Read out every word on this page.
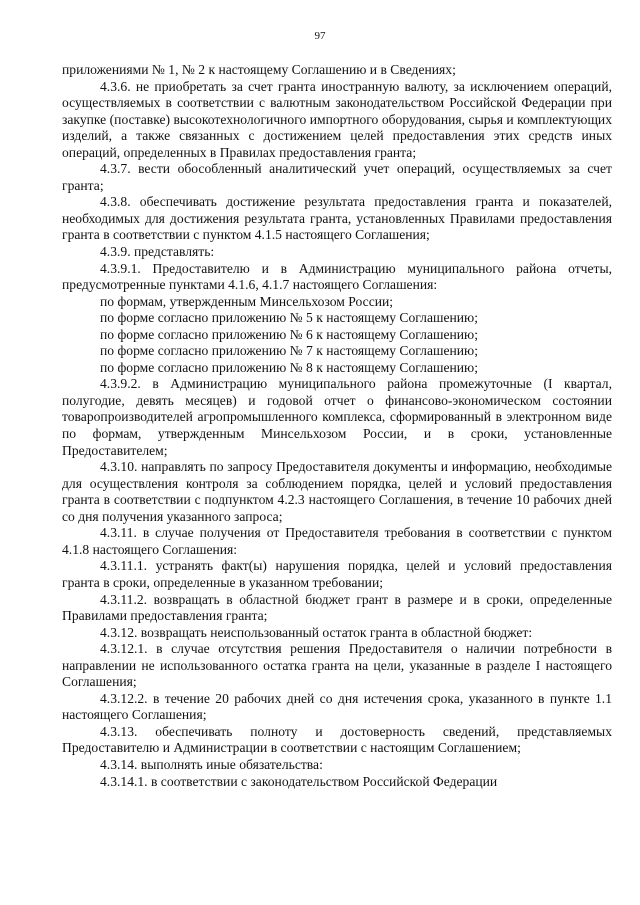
97

приложениями № 1, № 2 к настоящему Соглашению и в Сведениях;

4.3.6. не приобретать за счет гранта иностранную валюту, за исключением операций, осуществляемых в соответствии с валютным законодательством Российской Федерации при закупке (поставке) высокотехнологичного импортного оборудования, сырья и комплектующих изделий, а также связанных с достижением целей предоставления этих средств иных операций, определенных в Правилах предоставления гранта;

4.3.7. вести обособленный аналитический учет операций, осуществляемых за счет гранта;

4.3.8. обеспечивать достижение результата предоставления гранта и показателей, необходимых для достижения результата гранта, установленных Правилами предоставления гранта в соответствии с пунктом 4.1.5 настоящего Соглашения;

4.3.9. представлять:

4.3.9.1. Предоставителю и в Администрацию муниципального района отчеты, предусмотренные пунктами 4.1.6, 4.1.7 настоящего Соглашения:

по формам, утвержденным Минсельхозом России;

по форме согласно приложению № 5 к настоящему Соглашению;

по форме согласно приложению № 6 к настоящему Соглашению;

по форме согласно приложению № 7 к настоящему Соглашению;

по форме согласно приложению № 8 к настоящему Соглашению;

4.3.9.2. в Администрацию муниципального района промежуточные (I квартал, полугодие, девять месяцев) и годовой отчет о финансово-экономическом состоянии товаропроизводителей агропромышленного комплекса, сформированный в электронном виде по формам, утвержденным Минсельхозом России, и в сроки, установленные Предоставителем;

4.3.10. направлять по запросу Предоставителя документы и информацию, необходимые для осуществления контроля за соблюдением порядка, целей и условий предоставления гранта в соответствии с подпунктом 4.2.3 настоящего Соглашения, в течение 10 рабочих дней со дня получения указанного запроса;

4.3.11. в случае получения от Предоставителя требования в соответствии с пунктом 4.1.8 настоящего Соглашения:

4.3.11.1. устранять факт(ы) нарушения порядка, целей и условий предоставления гранта в сроки, определенные в указанном требовании;

4.3.11.2. возвращать в областной бюджет грант в размере и в сроки, определенные Правилами предоставления гранта;

4.3.12. возвращать неиспользованный остаток гранта в областной бюджет:

4.3.12.1. в случае отсутствия решения Предоставителя о наличии потребности в направлении не использованного остатка гранта на цели, указанные в разделе I настоящего Соглашения;

4.3.12.2. в течение 20 рабочих дней со дня истечения срока, указанного в пункте 1.1 настоящего Соглашения;

4.3.13. обеспечивать полноту и достоверность сведений, представляемых Предоставителю и Администрации в соответствии с настоящим Соглашением;

4.3.14. выполнять иные обязательства:

4.3.14.1. в соответствии с законодательством Российской Федерации
